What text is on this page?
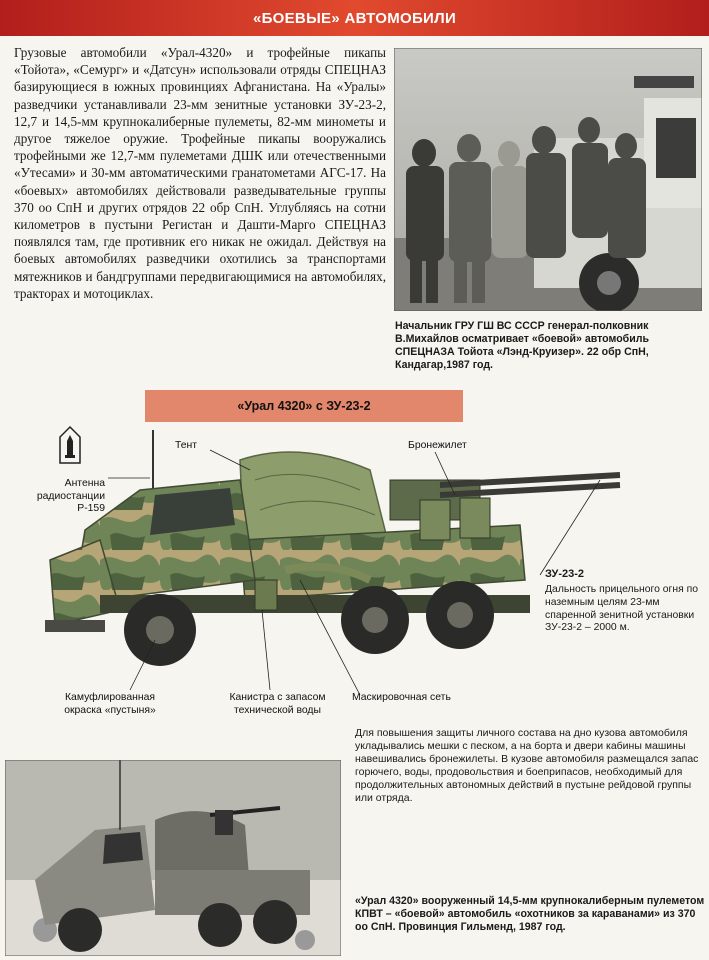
«БОЕВЫЕ» АВТОМОБИЛИ
Грузовые автомобили «Урал-4320» и трофейные пикапы «Тойота», «Семург» и «Датсун» использовали отряды СПЕЦНАЗ базирующиеся в южных провинциях Афганистана. На «Уралы» разведчики устанавливали 23-мм зенитные установки ЗУ-23-2, 12,7 и 14,5-мм крупнокалиберные пулеметы, 82-мм минометы и другое тяжелое оружие. Трофейные пикапы вооружались трофейными же 12,7-мм пулеметами ДШК или отечественными «Утесами» и 30-мм автоматическими гранатометами АГС-17. На «боевых» автомобилях действовали разведывательные группы 370 оо СпН и других отрядов 22 обр СпН. Углубляясь на сотни километров в пустыни Регистан и Дашти-Марго СПЕЦНАЗ появлялся там, где противник его никак не ожидал. Действуя на боевых автомобилях разведчики охотились за транспортами мятежников и бандгруппами передвигающимися на автомобилях, тракторах и мотоциклах.
Начальник ГРУ ГШ ВС СССР генерал-полковник В.Михайлов осматривает «боевой» автомобиль СПЕЦНАЗА Тойота «Лэнд-Круизер». 22 обр СпН, Кандагар,1987 год.
«Урал 4320» с ЗУ-23-2
Антенна радиостанции Р-159
Тент	Бронежилет
ЗУ-23-2
Дальность прицельного огня по наземным целям 23-мм спаренной зенитной установки ЗУ-23-2 – 2000 м.
Камуфлированная окраска «пустыня»
Канистра с запасом технической воды
Маскировочная сеть
Для повышения защиты личного состава на дно кузова автомобиля укладывались мешки с песком, а на борта и двери кабины машины навешивались бронежилеты. В кузове автомобиля размещался запас горючего, воды, продовольствия и боеприпасов, необходимый для продолжительных автономных действий в пустыне рейдовой группы или отряда.
«Урал 4320» вооруженный 14,5-мм крупнокалиберным пулеметом КПВТ – «боевой» автомобиль «охотников за караванами» из 370 оо СпН. Провинция Гильменд, 1987 год.
